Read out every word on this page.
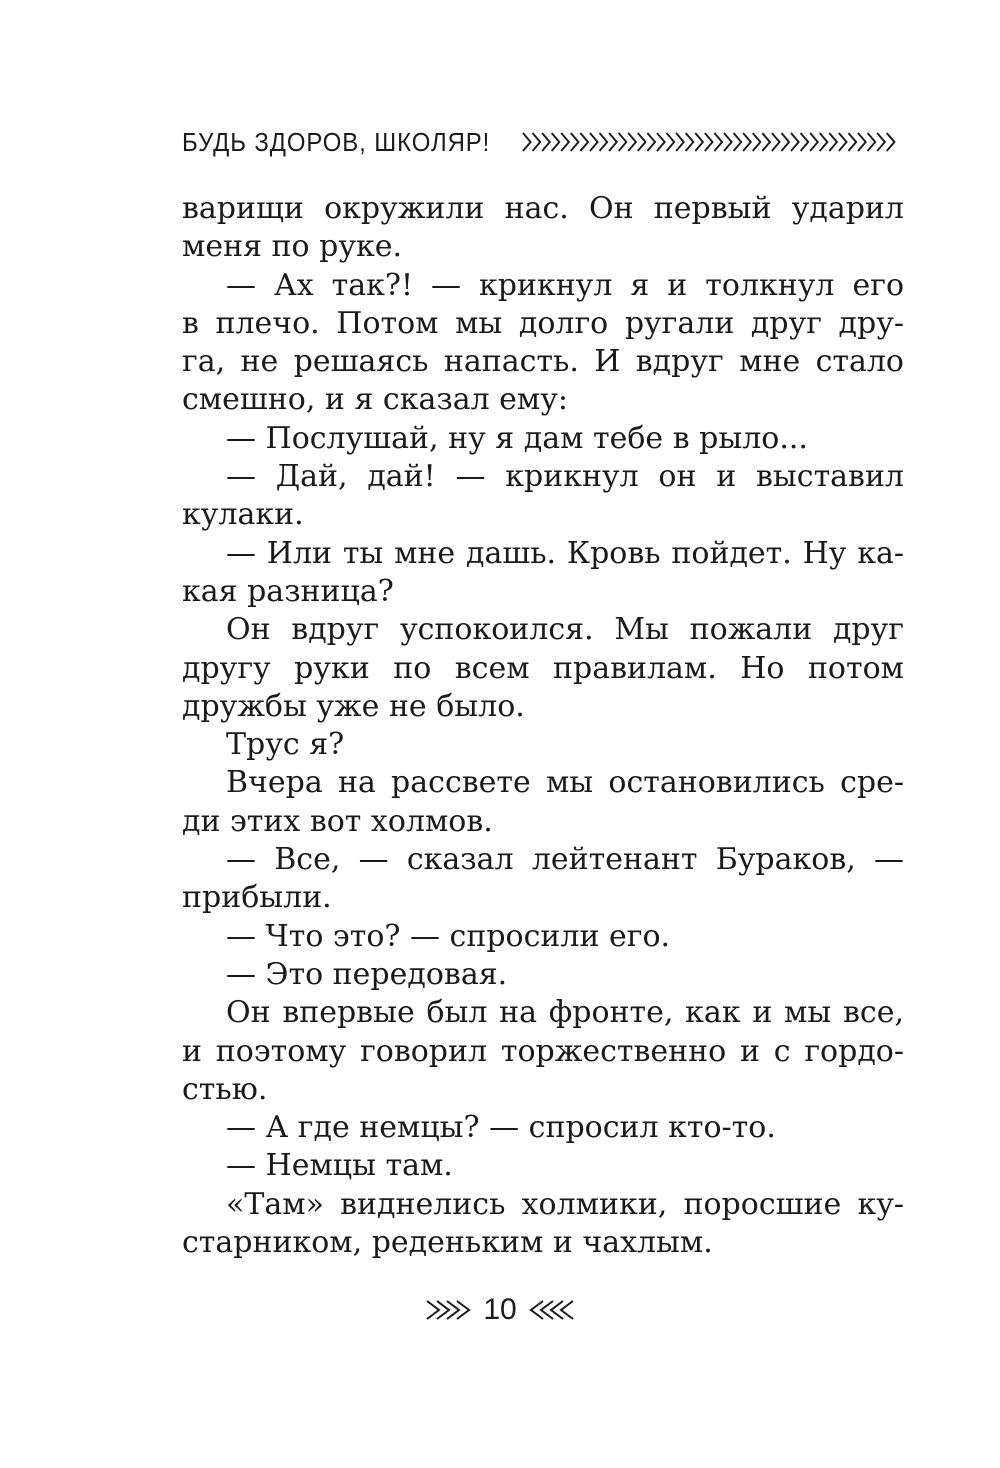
БУДЬ ЗДОРОВ, ШКОЛЯР!
варищи окружили нас. Он первый ударил
меня по руке.
— Ах так?! — крикнул я и толкнул его
в плечо. Потом мы долго ругали друг дру-
га, не решаясь напасть. И вдруг мне стало
смешно, и я сказал ему:
— Послушай, ну я дам тебе в рыло...
— Дай, дай! — крикнул он и выставил
кулаки.
— Или ты мне дашь. Кровь пойдет. Ну ка-
кая разница?
Он вдруг успокоился. Мы пожали друг
другу руки по всем правилам. Но потом
дружбы уже не было.
Трус я?
Вчера на рассвете мы остановились сре-
ди этих вот холмов.
— Все, — сказал лейтенант Бураков, —
прибыли.
— Что это? — спросили его.
— Это передовая.
Он впервые был на фронте, как и мы все,
и поэтому говорил торжественно и с гордо-
стью.
— А где немцы? — спросил кто-то.
— Немцы там.
«Там» виднелись холмики, поросшие ку-
старником, реденьким и чахлым.
10
